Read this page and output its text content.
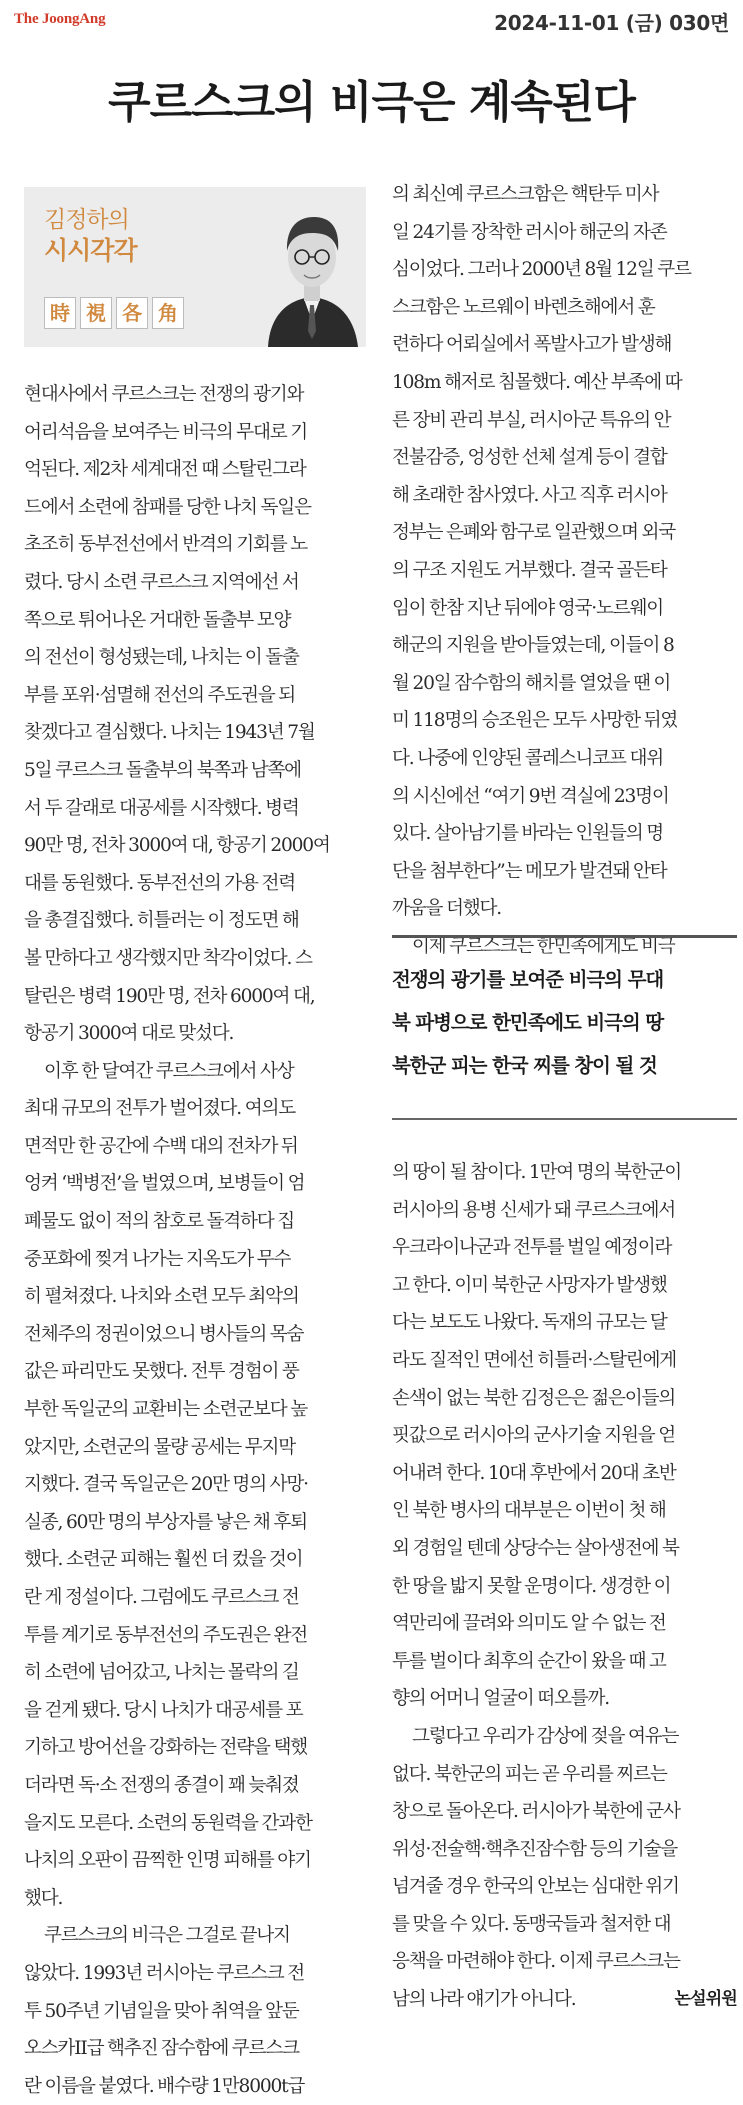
The JoongAng	2024-11-01 (금) 030면
쿠르스크의 비극은 계속된다
김정하의
시시각각
時 視 各 角

현대사에서 쿠르스크는 전쟁의 광기와

어리석음을 보여주는 비극의 무대로 기

억된다. 제2차 세계대전 때 스탈린그라

드에서 소련에 참패를 당한 나치 독일은

초조히 동부전선에서 반격의 기회를 노

렸다. 당시 소련 쿠르스크 지역에선 서

쪽으로 튀어나온 거대한 돌출부 모양

의 전선이 형성됐는데, 나치는 이 돌출

부를 포위·섬멸해 전선의 주도권을 되

찾겠다고 결심했다. 나치는 1943년 7월

5일 쿠르스크 돌출부의 북쪽과 남쪽에

서 두 갈래로 대공세를 시작했다. 병력

90만 명, 전차 3000여 대, 항공기 2000여

대를 동원했다. 동부전선의 가용 전력

을 총결집했다. 히틀러는 이 정도면 해

볼 만하다고 생각했지만 착각이었다. 스

탈린은 병력 190만 명, 전차 6000여 대,

항공기 3000여 대로 맞섰다.

이후 한 달여간 쿠르스크에서 사상

최대 규모의 전투가 벌어졌다. 여의도

면적만 한 공간에 수백 대의 전차가 뒤

엉켜 ‘백병전’을 벌였으며, 보병들이 엄

폐물도 없이 적의 참호로 돌격하다 집

중포화에 찢겨 나가는 지옥도가 무수

히 펼쳐졌다. 나치와 소련 모두 최악의

전체주의 정권이었으니 병사들의 목숨

값은 파리만도 못했다. 전투 경험이 풍

부한 독일군의 교환비는 소련군보다 높

았지만, 소련군의 물량 공세는 무지막

지했다. 결국 독일군은 20만 명의 사망·

실종, 60만 명의 부상자를 낳은 채 후퇴

했다. 소련군 피해는 훨씬 더 컸을 것이

란 게 정설이다. 그럼에도 쿠르스크 전

투를 계기로 동부전선의 주도권은 완전

히 소련에 넘어갔고, 나치는 몰락의 길

을 걷게 됐다. 당시 나치가 대공세를 포

기하고 방어선을 강화하는 전략을 택했

더라면 독·소 전쟁의 종결이 꽤 늦춰졌

을지도 모른다. 소련의 동원력을 간과한

나치의 오판이 끔찍한 인명 피해를 야기

했다.

쿠르스크의 비극은 그걸로 끝나지

않았다. 1993년 러시아는 쿠르스크 전

투 50주년 기념일을 맞아 취역을 앞둔

오스카II급 핵추진 잠수함에 쿠르스크

란 이름을 붙였다. 배수량 1만8000t급

의 최신예 쿠르스크함은 핵탄두 미사

일 24기를 장착한 러시아 해군의 자존

심이었다. 그러나 2000년 8월 12일 쿠르

스크함은 노르웨이 바렌츠해에서 훈

련하다 어뢰실에서 폭발사고가 발생해

108m 해저로 침몰했다. 예산 부족에 따

른 장비 관리 부실, 러시아군 특유의 안

전불감증, 엉성한 선체 설계 등이 결합

해 초래한 참사였다. 사고 직후 러시아

정부는 은폐와 함구로 일관했으며 외국

의 구조 지원도 거부했다. 결국 골든타

임이 한참 지난 뒤에야 영국·노르웨이

해군의 지원을 받아들였는데, 이들이 8

월 20일 잠수함의 해치를 열었을 땐 이

미 118명의 승조원은 모두 사망한 뒤였

다. 나중에 인양된 콜레스니코프 대위

의 시신에선 “여기 9번 격실에 23명이

있다. 살아남기를 바라는 인원들의 명

단을 첨부한다”는 메모가 발견돼 안타

까움을 더했다.

이제 쿠르스크는 한민족에게도 비극

전쟁의 광기를 보여준 비극의 무대
북 파병으로 한민족에도 비극의 땅
북한군 피는 한국 찌를 창이 될 것

의 땅이 될 참이다. 1만여 명의 북한군이

러시아의 용병 신세가 돼 쿠르스크에서

우크라이나군과 전투를 벌일 예정이라

고 한다. 이미 북한군 사망자가 발생했

다는 보도도 나왔다. 독재의 규모는 달

라도 질적인 면에선 히틀러·스탈린에게

손색이 없는 북한 김정은은 젊은이들의

핏값으로 러시아의 군사기술 지원을 얻

어내려 한다. 10대 후반에서 20대 초반

인 북한 병사의 대부분은 이번이 첫 해

외 경험일 텐데 상당수는 살아생전에 북

한 땅을 밟지 못할 운명이다. 생경한 이

역만리에 끌려와 의미도 알 수 없는 전

투를 벌이다 최후의 순간이 왔을 때 고

향의 어머니 얼굴이 떠오를까.

그렇다고 우리가 감상에 젖을 여유는

없다. 북한군의 피는 곧 우리를 찌르는

창으로 돌아온다. 러시아가 북한에 군사

위성·전술핵·핵추진잠수함 등의 기술을

넘겨줄 경우 한국의 안보는 심대한 위기

를 맞을 수 있다. 동맹국들과 철저한 대

응책을 마련해야 한다. 이제 쿠르스크는

남의 나라 얘기가 아니다.	논설위원
